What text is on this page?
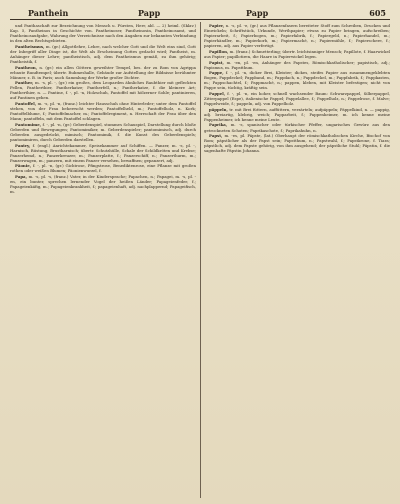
Panthein	Papp	Papp	605

und Panthaschaft zur Bezeichnung von Mensch u. Fürsten, Herr, abl. — 2) heiml. (Sklav.) Kap. 5, Pantheinos in Geschichte von. Pantheinoser, Pantheinosin, Pantheinosamt, und Pantheinosaufgabe, Wahrung der Verzeichnisse nach den Angaben zur bekannten Verbindung in den alten Rechtsgebieten.

Pantheismus, m. (gr.) Allgottlehre, Lehre, nach welcher Gott und die Welt eins sind, Gott der Inbegriff aller Dinge ist, die Welt als Erscheinung Gottes gedacht wird; Pantheist, m. Anhänger dieser Lehre; pantheistisch, adj. dem Pantheismus gemäß, zu ihm gehörig; Pantheistik, f.

Pantheon, n. (gr.) ein allen Göttern geweihter Tempel, bes. der zu Rom von Agrippa erbaute Rundtempel; übertr. Ruhmeshalle, Gebäude zur Aufstellung der Bildnisse berühmter Männer, z. B. in Paris; auch Sammlung der Werke großer Dichter.

Panther, m. -s, pl. -, (gr.) ein großes, dem Leoparden ähnliches Raubthier mit gefleckten Fellen, Pantherthier, Pantherkatze; Pantherfell, n.; Pantherkatze, f. die kleinere Art; Pantherthier, n. — Pantine, f. -, pl. -n, Holzschuh, Pantoffel mit hölzerner Sohle; pantinieren, auf Pantinen gehen.

Pantoffel, m. -s, pl. -n, (franz.) leichter Hausschuh ohne Hinterleder; unter dem Pantoffel stehen, von der Frau beherrscht werden; Pantoffelheld, m.; Pantoffelholz, n. Kork; Pantoffelblume, f.; Pantoffelmacher, m.; Pantoffelregiment, n. Herrschaft der Frau über den Mann; pantoffeln, mit dem Pantoffel schlagen.

Pantomime, f. -, pl. -n, (gr.) Geberdenspiel, stummes Schauspiel, Darstellung durch bloße Geberden und Bewegungen; Pantomimiker, m. Geberdenspieler; pantomimisch, adj. durch Geberden ausgedrückt, mimisch; Pantomimik, f. die Kunst des Geberdenspiels; pantomimiren, durch Geberden darstellen.

Pantry, f. (engl.) Anrichtekammer, Speisekammer auf Schiffen. — Panzer, m. -s, pl. -, Harnisch, Rüstung, Brustharnisch; übertr. Schutzhülle, Schale der Schildkröten und Krebse; Panzerhemd, n.; Panzerkreuzer, m.; Panzerplatte, f.; Panzerschiff, n.; Panzerthurm, m.; Panzerwagen, m.; panzern, mit einem Panzer versehen, bewaffnen; gepanzert, adj.

Päonie, f. -, pl. -n, (gr.) Gichtrose, Pfingstrose, Benediktenrose, eine Pflanze mit großen rothen oder weißen Blumen; Päonienwurzel, f.

Papa, m. -s, pl. -s, (franz.) Vater, in der Kindersprache; Papachen, n.; Papagei, m. -s, pl. -en, ein bunter, sprechen lernender Vogel der heißen Länder; Papageienfeder, f.; Papageienkäfig, m.; Papageienkrankheit, f.; papageienhaft, adj. nachplappernd; Papageifisch, m.

Papier, n. -s, pl. -e, (gr.) aus Pflanzenfasern bereiteter Stoff zum Schreiben, Drucken und Einwickeln; Schriftstück, Urkunde, Werthpapier; etwas zu Papier bringen, aufschreiben; Papierarbeit, f.; Papierbogen, m.; Papierfabrik, f.; Papiergeld, n.; Papierhandel, m.; Papierhändler, m.; Papierkorb, m.; Papiermaché, n.; Papiermühle, f.; Papierschere, f.; papieren, adj. aus Papier verfertigt.

Papillon, m. (franz.) Schmetterling; übertr. leichtsinniger Mensch; Papillote, f. Haarwickel aus Papier; papillotiren, die Haare in Papierwickel legen.

Papist, m. -en, pl. -en, Anhänger des Papstes, Römischkatholischer; papistisch, adj.; Papismus, m. Papstthum.

Pappe, f. -, pl. -n, dicker Brei, Kleister; dickes, steifes Papier aus zusammengeklebten Bogen, Pappdeckel; Pappband, m.; Pappdach, n.; Pappdeckel, m.; Pappfabrik, f.; Pappkasten, m.; Pappschachtel, f.; Pappmaché, n.; pappen, kleben, mit Kleister befestigen; nicht von Pappe sein, tüchtig, kräftig sein.

Pappel, f. -, pl. -n, ein hoher, schnell wachsender Baum: Schwarzpappel, Silberpappel, Zitterpappel (Espe), italienische Pappel; Pappelallee, f.; Pappelholz, n.; Pappelrose, f. Malve; Pappelweide, f.; pappeln, adj. von Pappelholz.

päppeln, tr. mit Brei füttern, auffüttern, verzärteln; aufpäppeln; Päppelkind, n. — pappig, adj. breiartig, klebrig, weich; Papparbeit, f.; Pappenheimer, m. ich kenne meine Pappenheimer, ich kenne meine Leute.

Paprika, m. -s, spanischer oder türkischer Pfeffer, ungarisches Gewürz aus den getrockneten Schoten; Paprikaschote, f.; Paprikahuhn, n.

Papst, m. -es, pl. Päpste, (lat.) Oberhaupt der römischkatholischen Kirche, Bischof von Rom; päpstlicher als der Papst sein; Papstthum, n.; Papstwahl, f.; Papstkrone, f. Tiara; päpstlich, adj. dem Papste gehörig, von ihm ausgehend; der päpstliche Stuhl; Päpstin, f. die sagenhafte Päpstin Johanna.
